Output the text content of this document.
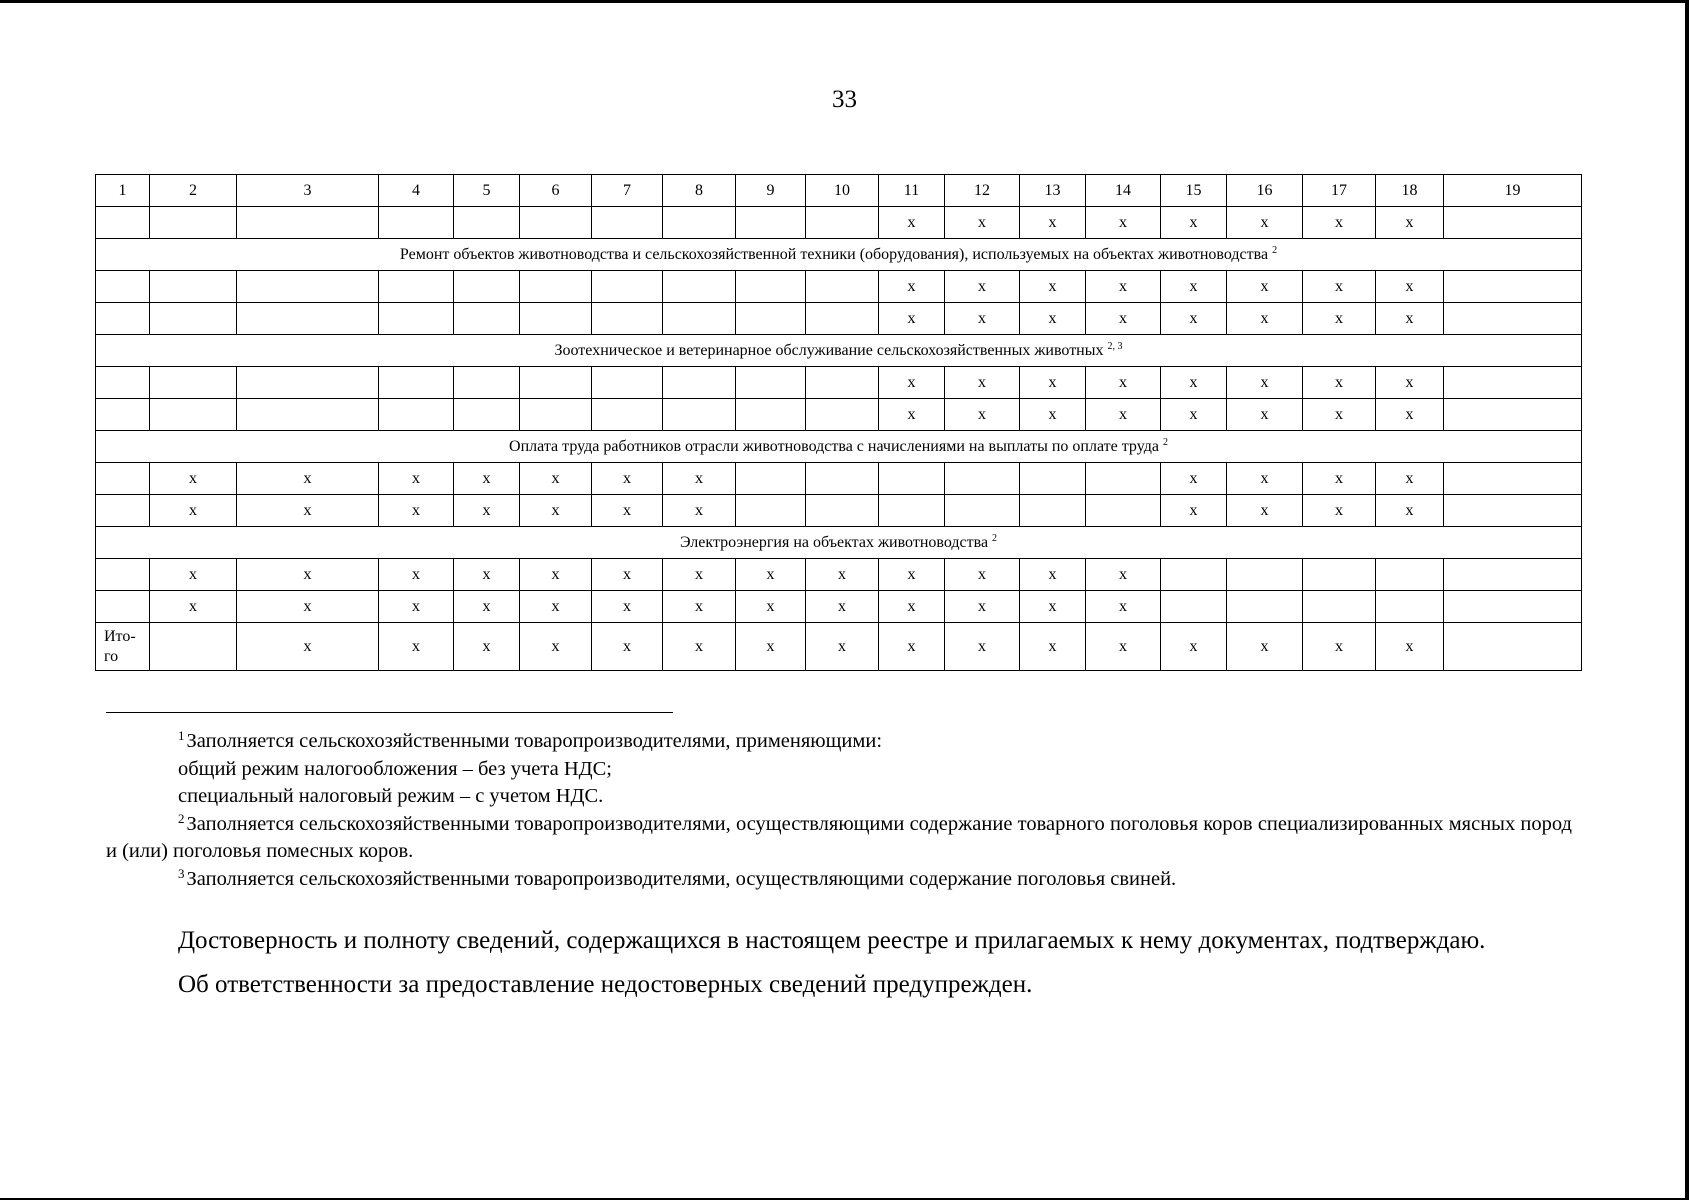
33
1	2	3	4	5	6	7	8	9	10	11	12	13	14	15	16	17	18	19
										х	х	х	х	х	х	х	х	
Ремонт объектов животноводства и сельскохозяйственной техники (оборудования), используемых на объектах животноводства $^2$
										х	х	х	х	х	х	х	х	
										х	х	х	х	х	х	х	х	
Зоотехническое и ветеринарное обслуживание сельскохозяйственных животных $^{2, 3}$
										х	х	х	х	х	х	х	х	
										х	х	х	х	х	х	х	х	
Оплата труда работников отрасли животноводства с начислениями на выплаты по оплате труда $^2$
	х	х	х	х	х	х	х							х	х	х	х	
	х	х	х	х	х	х	х							х	х	х	х	
Электроэнергия на объектах животноводства $^2$
	х	х	х	х	х	х	х	х	х	х	х	х	х					
	х	х	х	х	х	х	х	х	х	х	х	х	х					
Ито-
го		х	х	х	х	х	х	х	х	х	х	х	х	х	х	х	х	

$^1$Заполняется сельскохозяйственными товаропроизводителями, применяющими:

общий режим налогообложения – без учета НДС;

специальный налоговый режим – с учетом НДС.

$^2$Заполняется сельскохозяйственными товаропроизводителями, осуществляющими содержание товарного поголовья коров специализированных мясных пород и (или) поголовья помесных коров.

$^3$Заполняется сельскохозяйственными товаропроизводителями, осуществляющими содержание поголовья свиней.

Достоверность и полноту сведений, содержащихся в настоящем реестре и прилагаемых к нему документах, подтверждаю.

Об ответственности за предоставление недостоверных сведений предупрежден.
